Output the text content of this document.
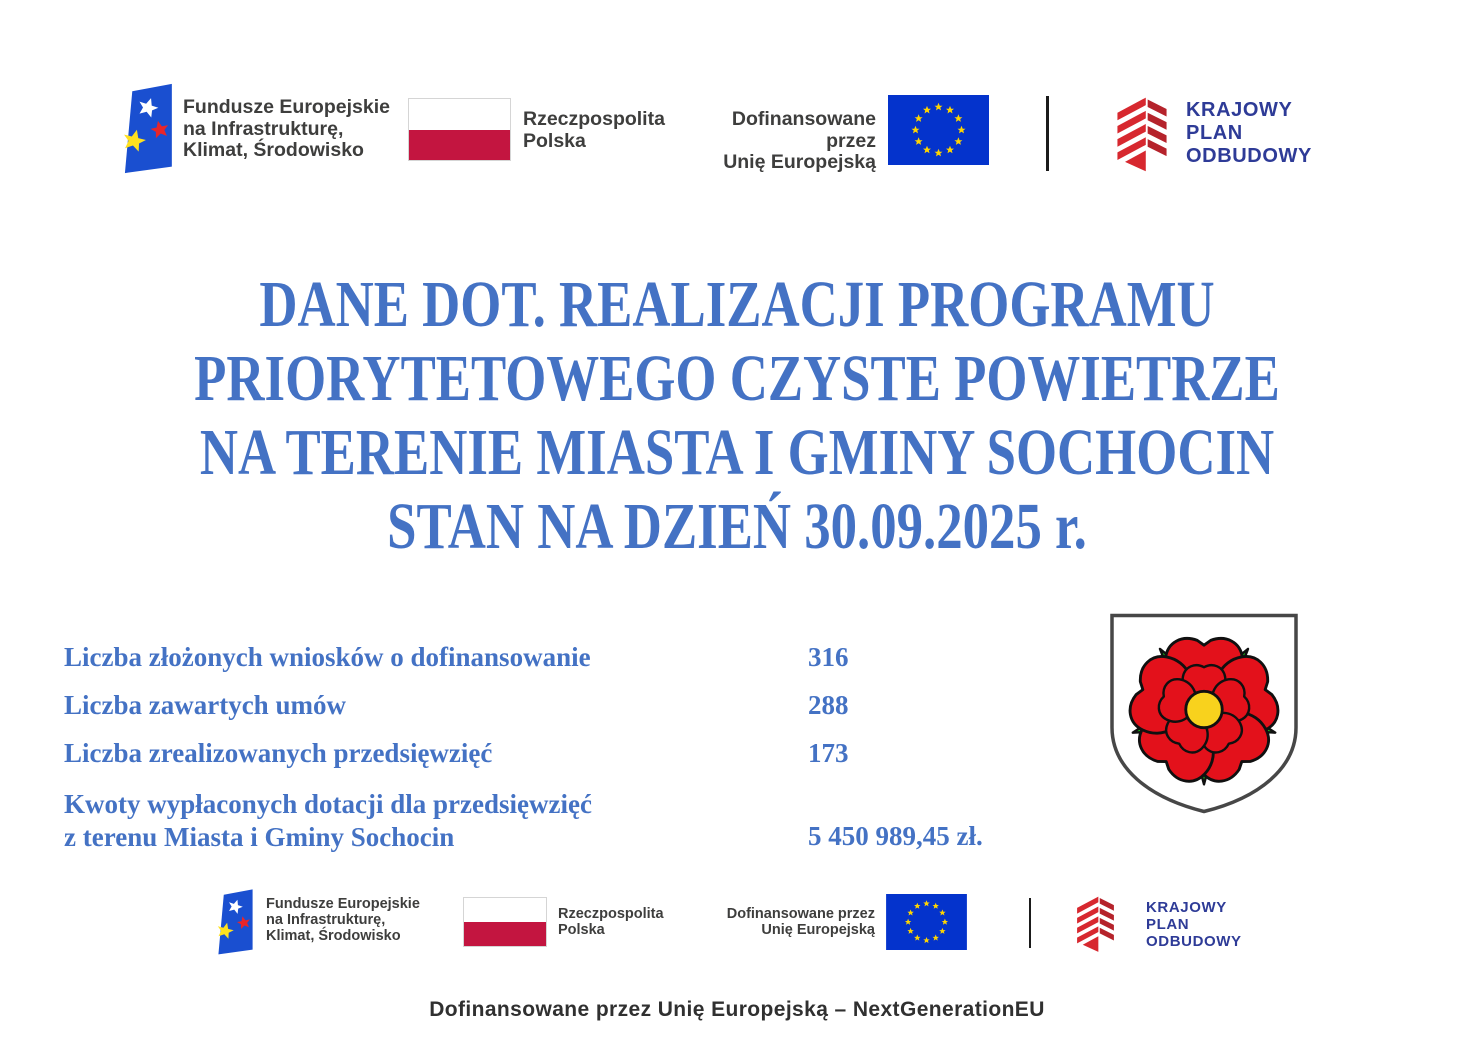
Fundusze Europejskie
na Infrastrukturę,
Klimat, Środowisko
Rzeczpospolita
Polska
Dofinansowane przez
Unię Europejską
KRAJOWY
PLAN
ODBUDOWY
DANE DOT. REALIZACJI PROGRAMU
PRIORYTETOWEGO CZYSTE POWIETRZE
NA TERENIE MIASTA I GMINY SOCHOCIN
STAN NA DZIEŃ 30.09.2025 r.
Liczba złożonych wniosków o dofinansowanie	316
Liczba zawartych umów	288
Liczba zrealizowanych przedsięwzięć	173
Kwoty wypłaconych dotacji dla przedsięwzięć
z terenu Miasta i Gminy Sochocin	5 450 989,45 zł.
Fundusze Europejskie
na Infrastrukturę,
Klimat, Środowisko
Rzeczpospolita
Polska
Dofinansowane przez
Unię Europejską
KRAJOWY
PLAN
ODBUDOWY
Dofinansowane przez Unię Europejską – NextGenerationEU
